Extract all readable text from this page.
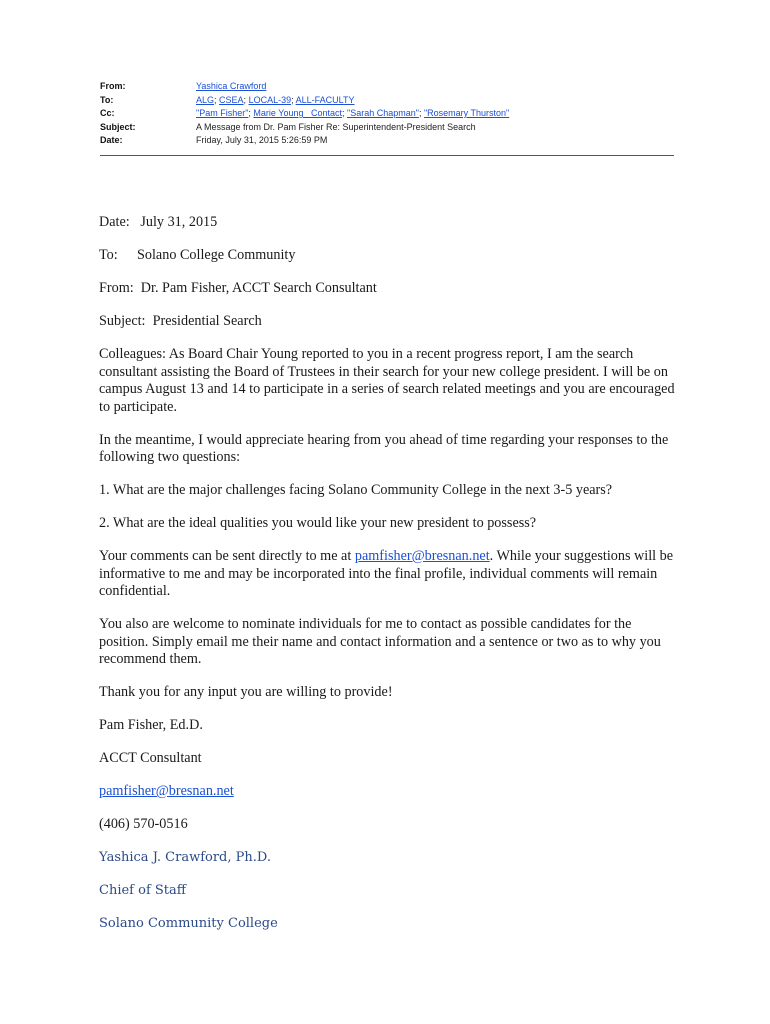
From:	Yashica Crawford
To:	ALG; CSEA; LOCAL-39; ALL-FACULTY
Cc:	"Pam Fisher"; Marie Young   Contact; "Sarah Chapman"; "Rosemary Thurston"
Subject:	A Message from Dr. Pam Fisher Re: Superintendent-President Search
Date:	Friday, July 31, 2015 5:26:59 PM

Date: July 31, 2015

To: Solano College Community

From: Dr. Pam Fisher, ACCT Search Consultant

Subject: Presidential Search

Colleagues: As Board Chair Young reported to you in a recent progress report, I am the search consultant assisting the Board of Trustees in their search for your new college president. I will be on campus August 13 and 14 to participate in a series of search related meetings and you are encouraged to participate.

In the meantime, I would appreciate hearing from you ahead of time regarding your responses to the following two questions:

1. What are the major challenges facing Solano Community College in the next 3-5 years?

2. What are the ideal qualities you would like your new president to possess?

Your comments can be sent directly to me at pamfisher@bresnan.net. While your suggestions will be informative to me and may be incorporated into the final profile, individual comments will remain confidential.

You also are welcome to nominate individuals for me to contact as possible candidates for the position. Simply email me their name and contact information and a sentence or two as to why you recommend them.

Thank you for any input you are willing to provide!

Pam Fisher, Ed.D.

ACCT Consultant

pamfisher@bresnan.net

(406) 570-0516

Yashica J. Crawford, Ph.D.

Chief of Staff

Solano Community College
